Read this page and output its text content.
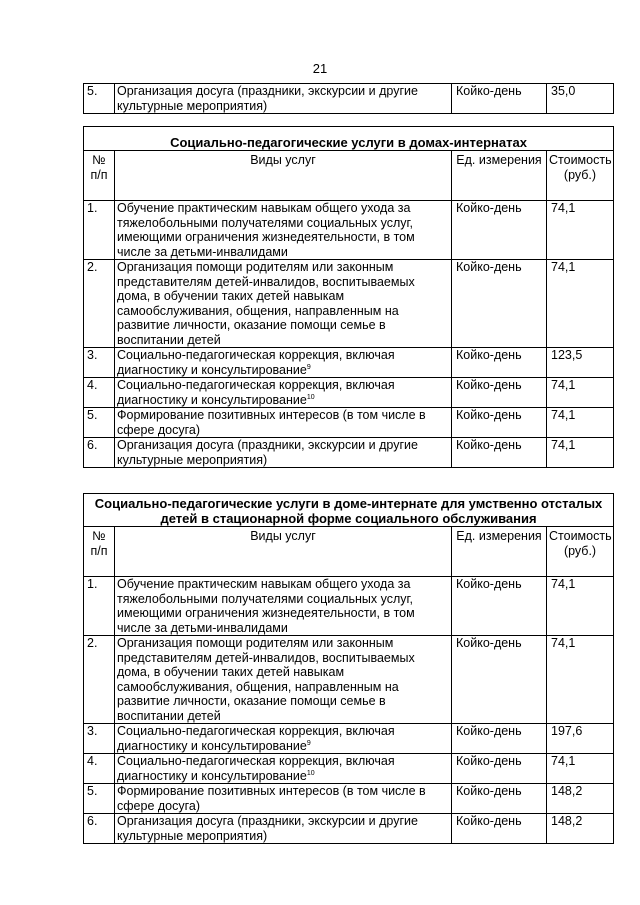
21
5.	Организация досуга (праздники, экскурсии и другие культурные мероприятия)	Койко-день	35,0
Социально-педагогические услуги в домах-интернатах			
№ п/п	Виды услуг	Ед. измерения	Стоимость (руб.)
1.	Обучение практическим навыкам общего ухода за тяжелобольными получателями социальных услуг, имеющими ограничения жизнедеятельности, в том числе за детьми-инвалидами	Койко-день	74,1
2.	Организация помощи родителям или законным представителям детей-инвалидов, воспитываемых дома, в обучении таких детей навыкам самообслуживания, общения, направленным на развитие личности, оказание помощи семье в воспитании детей	Койко-день	74,1
3.	Социально-педагогическая коррекция, включая диагностику и консультирование$^9$	Койко-день	123,5
4.	Социально-педагогическая коррекция, включая диагностику и консультирование$^{10}$	Койко-день	74,1
5.	Формирование позитивных интересов (в том числе в сфере досуга)	Койко-день	74,1
6.	Организация досуга (праздники, экскурсии и другие культурные мероприятия)	Койко-день	74,1
Социально-педагогические услуги в доме-интернате для умственно отсталых
детей в стационарной форме социального обслуживания			

№ п/п	Виды услуг	Ед. измерения	Стоимость (руб.)
1.	Обучение практическим навыкам общего ухода за тяжелобольными получателями социальных услуг, имеющими ограничения жизнедеятельности, в том числе за детьми-инвалидами	Койко-день	74,1
2.	Организация помощи родителям или законным представителям детей-инвалидов, воспитываемых дома, в обучении таких детей навыкам самообслуживания, общения, направленным на развитие личности, оказание помощи семье в воспитании детей	Койко-день	74,1
3.	Социально-педагогическая коррекция, включая диагностику и консультирование$^9$	Койко-день	197,6
4.	Социально-педагогическая коррекция, включая диагностику и консультирование$^{10}$	Койко-день	74,1
5.	Формирование позитивных интересов (в том числе в сфере досуга)	Койко-день	148,2
6.	Организация досуга (праздники, экскурсии и другие культурные мероприятия)	Койко-день	148,2
